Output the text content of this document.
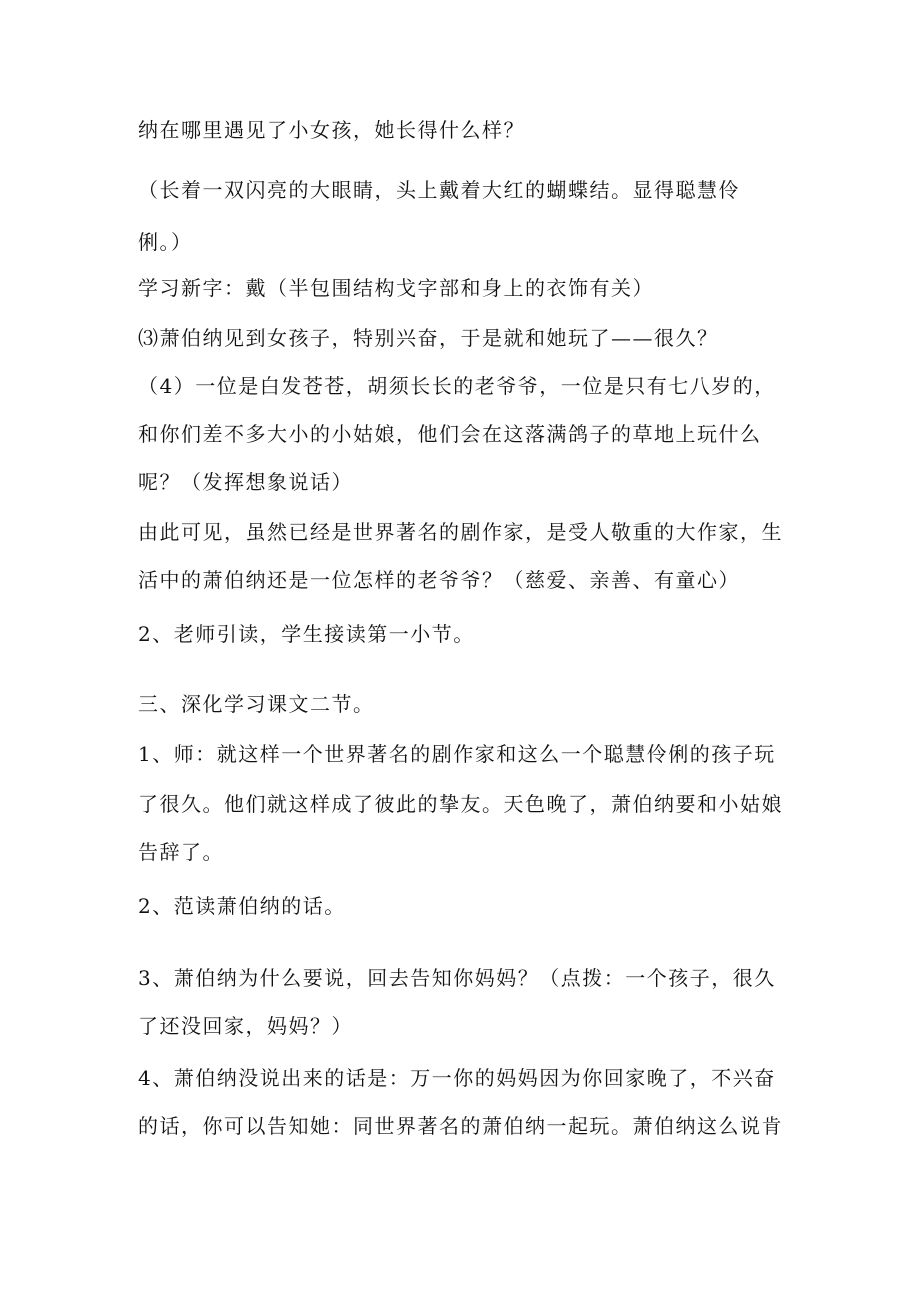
纳在哪里遇见了小女孩，她长得什么样？
（长着一双闪亮的大眼睛，头上戴着大红的蝴蝶结。显得聪慧伶
俐。）
学习新字：戴（半包围结构戈字部和身上的衣饰有关）
⑶萧伯纳见到女孩子，特别兴奋，于是就和她玩了——很久？
（4）一位是白发苍苍，胡须长长的老爷爷，一位是只有七八岁的，
和你们差不多大小的小姑娘，他们会在这落满鸽子的草地上玩什么
呢？（发挥想象说话）
由此可见，虽然已经是世界著名的剧作家，是受人敬重的大作家，生
活中的萧伯纳还是一位怎样的老爷爷？（慈爱、亲善、有童心）
2、老师引读，学生接读第一小节。
三、深化学习课文二节。
1、师：就这样一个世界著名的剧作家和这么一个聪慧伶俐的孩子玩
了很久。他们就这样成了彼此的挚友。天色晚了，萧伯纳要和小姑娘
告辞了。
2、范读萧伯纳的话。
3、萧伯纳为什么要说，回去告知你妈妈？（点拨：一个孩子，很久
了还没回家，妈妈？）
4、萧伯纳没说出来的话是：万一你的妈妈因为你回家晚了，不兴奋
的话，你可以告知她：同世界著名的萧伯纳一起玩。萧伯纳这么说肯
